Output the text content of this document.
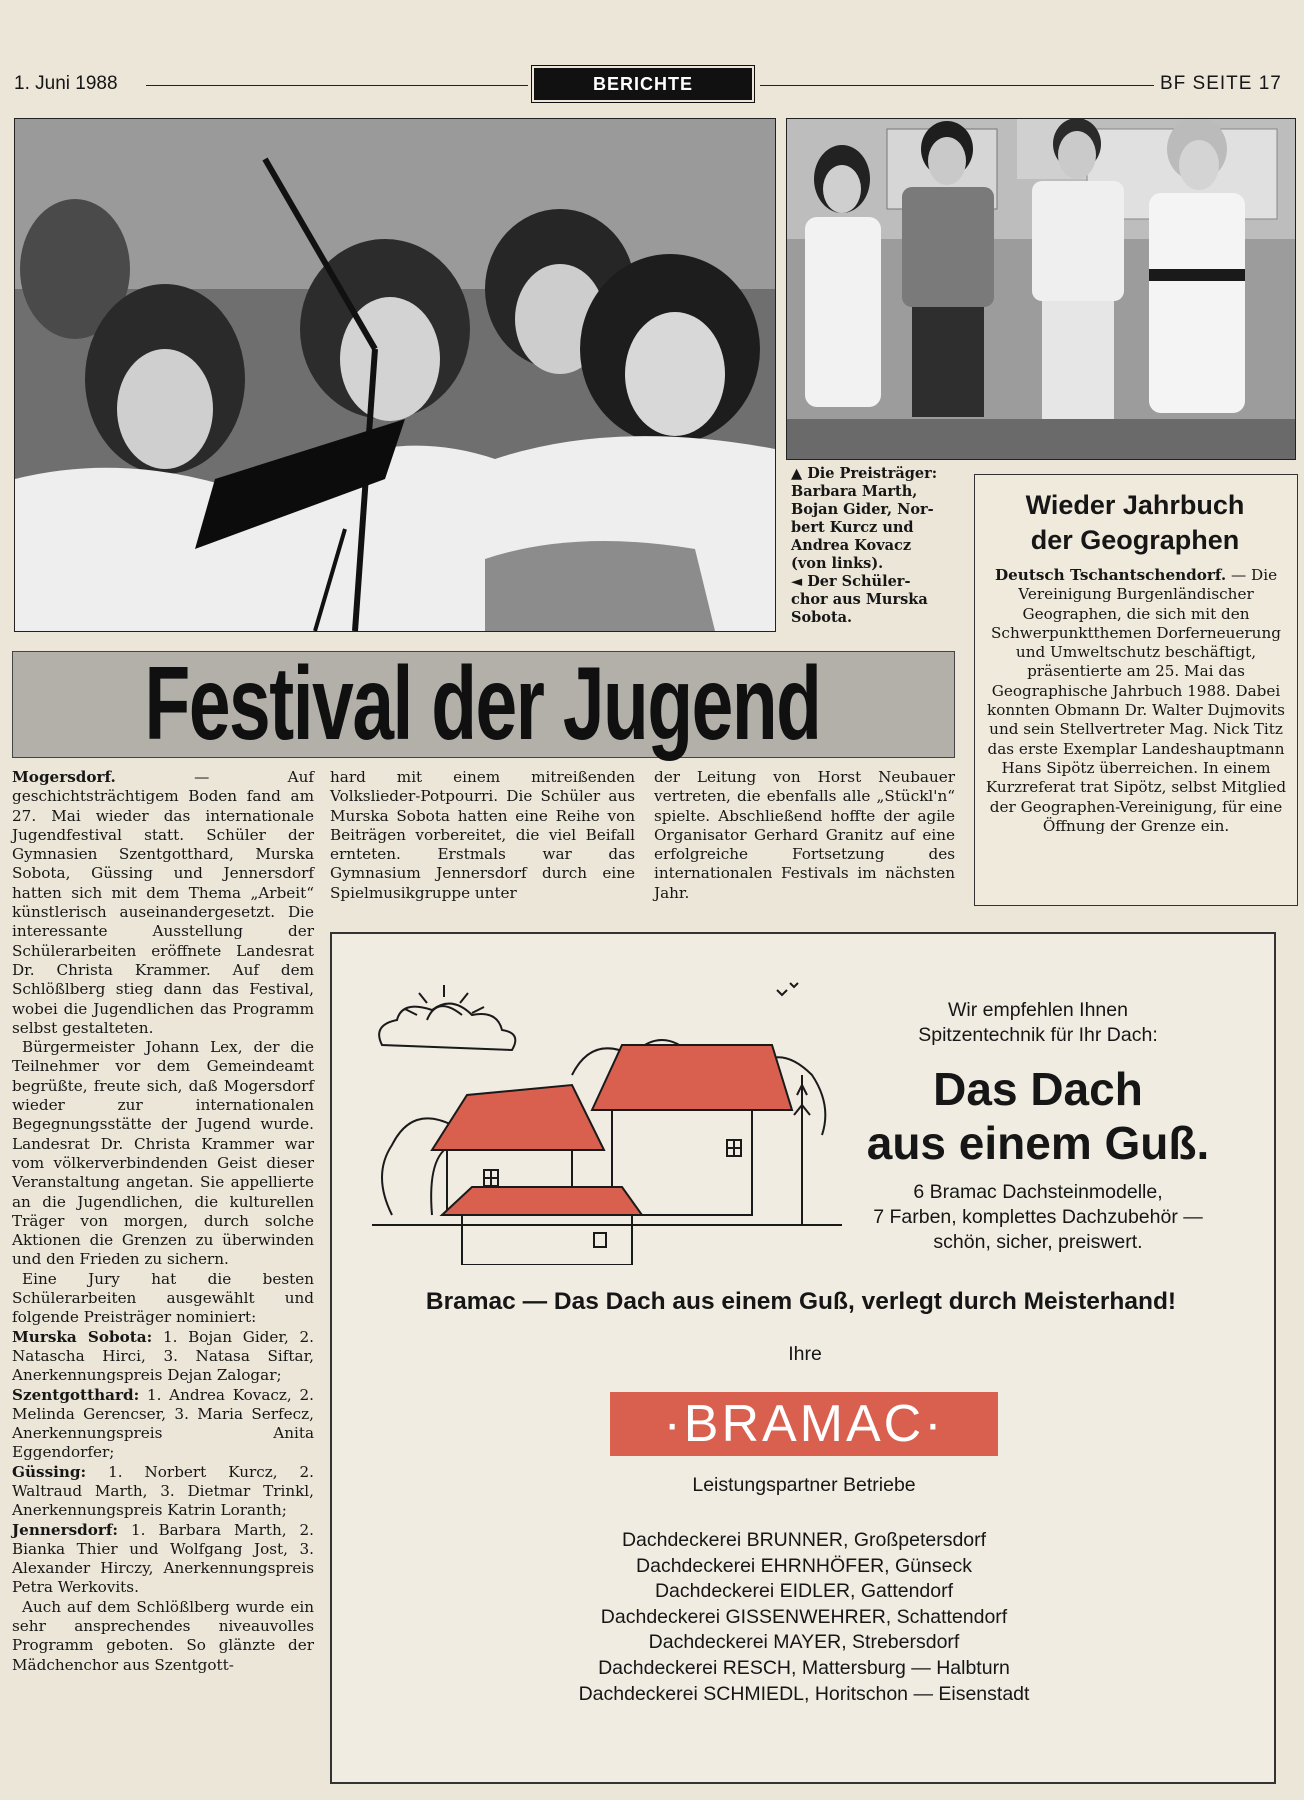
1. Juni 1988	BERICHTE	BF SEITE 17

▲ Die Preisträger:

Barbara Marth,

Bojan Gider, Nor-

bert Kurcz und

Andrea Kovacz

(von links).

◄ Der Schüler-

chor aus Murska

Sobota.

Festival der Jugend

Mogersdorf. — Auf geschichtsträchtigem Boden fand am 27. Mai wieder das internationale Jugendfestival statt. Schüler der Gymnasien Szentgotthard, Murska Sobota, Güssing und Jennersdorf hatten sich mit dem Thema „Arbeit“ künstlerisch auseinandergesetzt. Die interessante Ausstellung der Schülerarbeiten eröffnete Landesrat Dr. Christa Krammer. Auf dem Schlößlberg stieg dann das Festival, wobei die Jugendlichen das Programm selbst gestalteten.

Bürgermeister Johann Lex, der die Teilnehmer vor dem Gemeindeamt begrüßte, freute sich, daß Mogersdorf wieder zur internationalen Begegnungsstätte der Jugend wurde. Landesrat Dr. Christa Krammer war vom völkerverbindenden Geist dieser Veranstaltung angetan. Sie appellierte an die Jugendlichen, die kulturellen Träger von morgen, durch solche Aktionen die Grenzen zu überwinden und den Frieden zu sichern.

Eine Jury hat die besten Schülerarbeiten ausgewählt und folgende Preisträger nominiert:

Murska Sobota: 1. Bojan Gider, 2. Natascha Hirci, 3. Natasa Siftar, Anerkennungspreis Dejan Zalogar;

Szentgotthard: 1. Andrea Kovacz, 2. Melinda Gerencser, 3. Maria Serfecz, Anerkennungspreis Anita Eggendorfer;

Güssing: 1. Norbert Kurcz, 2. Waltraud Marth, 3. Dietmar Trinkl, Anerkennungspreis Katrin Loranth;

Jennersdorf: 1. Barbara Marth, 2. Bianka Thier und Wolfgang Jost, 3. Alexander Hirczy, Anerkennungspreis Petra Werkovits.

Auch auf dem Schlößlberg wurde ein sehr ansprechendes niveauvolles Programm geboten. So glänzte der Mädchenchor aus Szentgott-

hard mit einem mitreißenden Volkslieder-Potpourri. Die Schüler aus Murska Sobota hatten eine Reihe von Beiträgen vorbereitet, die viel Beifall ernteten. Erstmals war das Gymnasium Jennersdorf durch eine Spielmusikgruppe unter

der Leitung von Horst Neubauer vertreten, die ebenfalls alle „Stückl'n“ spielte. Abschließend hoffte der agile Organisator Gerhard Granitz auf eine erfolgreiche Fortsetzung des internationalen Festivals im nächsten Jahr.

Wieder Jahrbuch
der Geographen
Deutsch Tschantschendorf. — Die Vereinigung Burgenländischer Geographen, die sich mit den Schwerpunktthemen Dorferneuerung und Umweltschutz beschäftigt, präsentierte am 25. Mai das Geographische Jahrbuch 1988. Dabei konnten Obmann Dr. Walter Dujmovits und sein Stellvertreter Mag. Nick Titz das erste Exemplar Landeshauptmann Hans Sipötz überreichen. In einem Kurzreferat trat Sipötz, selbst Mitglied der Geographen-Vereinigung, für eine Öffnung der Grenze ein.
Wir empfehlen Ihnen
Spitzentechnik für Ihr Dach:
Das Dach
aus einem Guß.
6 Bramac Dachsteinmodelle,
7 Farben, komplettes Dachzubehör —
schön, sicher, preiswert.
Bramac — Das Dach aus einem Guß, verlegt durch Meisterhand!
Ihre
·BRAMAC·
Leistungspartner Betriebe
Dachdeckerei BRUNNER, Großpetersdorf
Dachdeckerei EHRNHÖFER, Günseck
Dachdeckerei EIDLER, Gattendorf
Dachdeckerei GISSENWEHRER, Schattendorf
Dachdeckerei MAYER, Strebersdorf
Dachdeckerei RESCH, Mattersburg — Halbturn
Dachdeckerei SCHMIEDL, Horitschon — Eisenstadt
